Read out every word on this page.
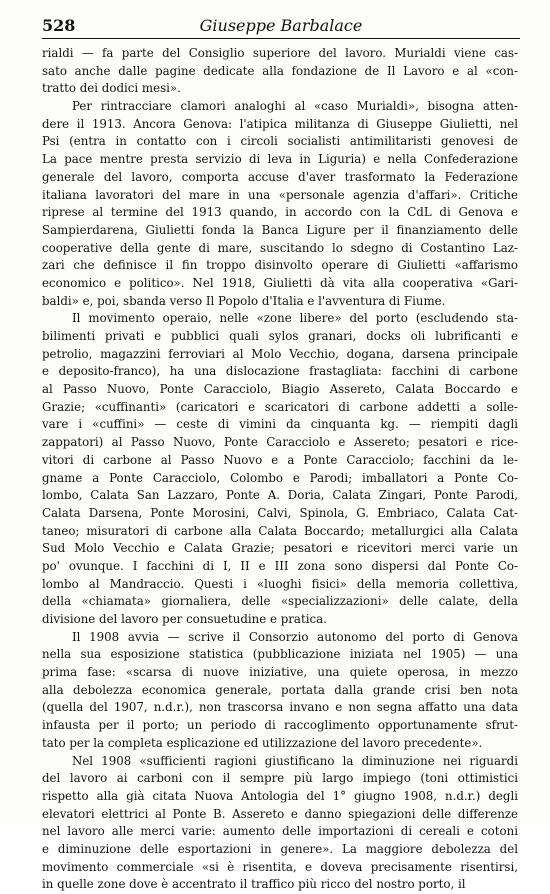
528	Giuseppe Barbalace
rialdi — fa parte del Consiglio superiore del lavoro. Murialdi viene cas-
sato anche dalle pagine dedicate alla fondazione de Il Lavoro e al «con-
tratto dei dodici mesi».
Per rintracciare clamori analoghi al «caso Murialdi», bisogna atten-
dere il 1913. Ancora Genova: l'atipica militanza di Giuseppe Giulietti, nel
Psi (entra in contatto con i circoli socialisti antimilitaristi genovesi de
La pace mentre presta servizio di leva in Liguria) e nella Confederazione
generale del lavoro, comporta accuse d'aver trasformato la Federazione
italiana lavoratori del mare in una «personale agenzia d'affari». Critiche
riprese al termine del 1913 quando, in accordo con la CdL di Genova e
Sampierdarena, Giulietti fonda la Banca Ligure per il finanziamento delle
cooperative della gente di mare, suscitando lo sdegno di Costantino Laz-
zari che definisce il fin troppo disinvolto operare di Giulietti «affarismo
economico e politico». Nel 1918, Giulietti dà vita alla cooperativa «Gari-
baldi» e, poi, sbanda verso Il Popolo d'Italia e l'avventura di Fiume.
Il movimento operaio, nelle «zone libere» del porto (escludendo sta-
bilimenti privati e pubblici quali sylos granari, docks oli lubrificanti e
petrolio, magazzini ferroviari al Molo Vecchio, dogana, darsena principale
e deposito-franco), ha una dislocazione frastagliata: facchini di carbone
al Passo Nuovo, Ponte Caracciolo, Biagio Assereto, Calata Boccardo e
Grazie; «cuffinanti» (caricatori e scaricatori di carbone addetti a solle-
vare i «cuffini» — ceste di vimini da cinquanta kg. — riempiti dagli
zappatori) al Passo Nuovo, Ponte Caracciolo e Assereto; pesatori e rice-
vitori di carbone al Passo Nuovo e a Ponte Caracciolo; facchini da le-
gname a Ponte Caracciolo, Colombo e Parodi; imballatori a Ponte Co-
lombo, Calata San Lazzaro, Ponte A. Doria, Calata Zingari, Ponte Parodi,
Calata Darsena, Ponte Morosini, Calvi, Spinola, G. Embriaco, Calata Cat-
taneo; misuratori di carbone alla Calata Boccardo; metallurgici alla Calata
Sud Molo Vecchio e Calata Grazie; pesatori e ricevitori merci varie un
po' ovunque. I facchini di I, II e III zona sono dispersi dal Ponte Co-
lombo al Mandraccio. Questi i «luoghi fisici» della memoria collettiva,
della «chiamata» giornaliera, delle «specializzazioni» delle calate, della
divisione del lavoro per consuetudine e pratica.
Il 1908 avvia — scrive il Consorzio autonomo del porto di Genova
nella sua esposizione statistica (pubblicazione iniziata nel 1905) — una
prima fase: «scarsa di nuove iniziative, una quiete operosa, in mezzo
alla debolezza economica generale, portata dalla grande crisi ben nota
(quella del 1907, n.d.r.), non trascorsa invano e non segna affatto una data
infausta per il porto; un periodo di raccoglimento opportunamente sfrut-
tato per la completa esplicazione ed utilizzazione del lavoro precedente».
Nel 1908 «sufficienti ragioni giustificano la diminuzione nei riguardi
del lavoro ai carboni con il sempre più largo impiego (toni ottimistici
rispetto alla già citata Nuova Antologia del 1° giugno 1908, n.d.r.) degli
elevatori elettrici al Ponte B. Assereto e danno spiegazioni delle differenze
nel lavoro alle merci varie: aumento delle importazioni di cereali e cotoni
e diminuzione delle esportazioni in genere». La maggiore debolezza del
movimento commerciale «si è risentita, e doveva precisamente risentirsi,
in quelle zone dove è accentrato il traffico più ricco del nostro porto, il
